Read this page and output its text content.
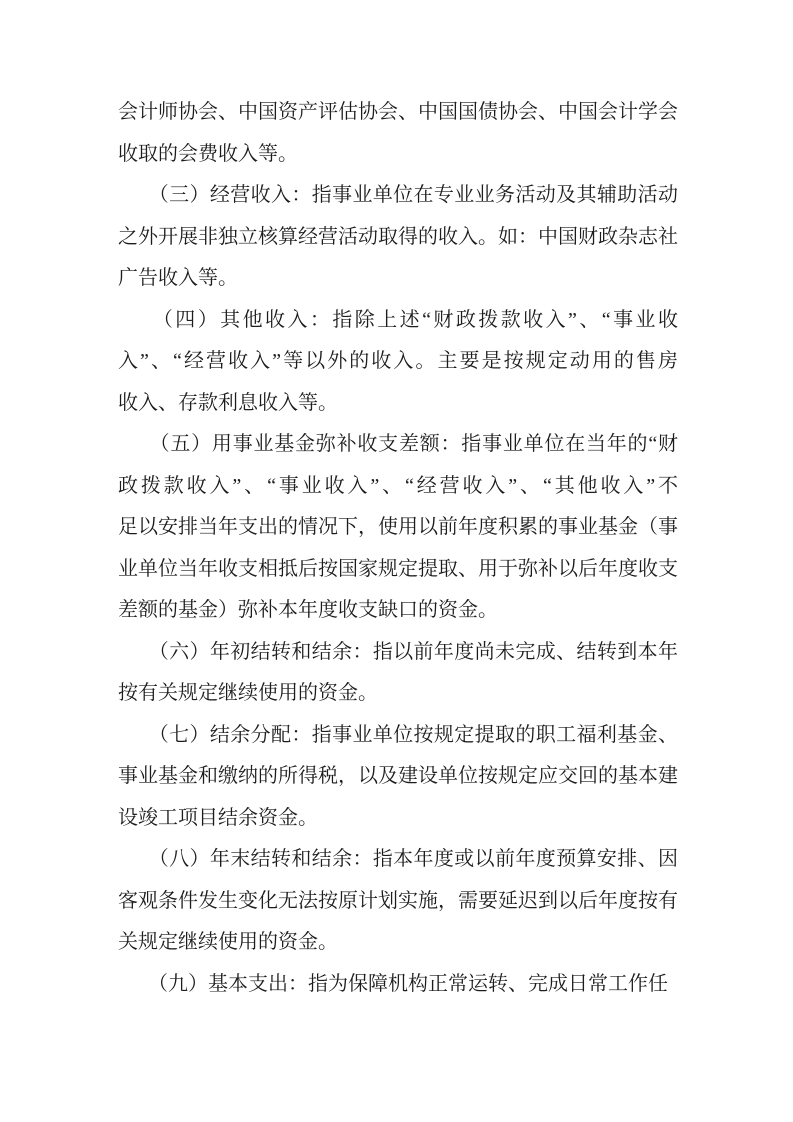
会计师协会、中国资产评估协会、中国国债协会、中国会计学会
收取的会费收入等。
　　（三）经营收入：指事业单位在专业业务活动及其辅助活动
之外开展非独立核算经营活动取得的收入。如：中国财政杂志社
广告收入等。
　　（四）其他收入：指除上述“财政拨款收入”、“事业收
入”、“经营收入”等以外的收入。主要是按规定动用的售房
收入、存款利息收入等。
　　（五）用事业基金弥补收支差额：指事业单位在当年的“财
政拨款收入”、“事业收入”、“经营收入”、“其他收入”不
足以安排当年支出的情况下，使用以前年度积累的事业基金（事
业单位当年收支相抵后按国家规定提取、用于弥补以后年度收支
差额的基金）弥补本年度收支缺口的资金。
　　（六）年初结转和结余：指以前年度尚未完成、结转到本年
按有关规定继续使用的资金。
　　（七）结余分配：指事业单位按规定提取的职工福利基金、
事业基金和缴纳的所得税，以及建设单位按规定应交回的基本建
设竣工项目结余资金。
　　（八）年末结转和结余：指本年度或以前年度预算安排、因
客观条件发生变化无法按原计划实施，需要延迟到以后年度按有
关规定继续使用的资金。
　　（九）基本支出：指为保障机构正常运转、完成日常工作任
